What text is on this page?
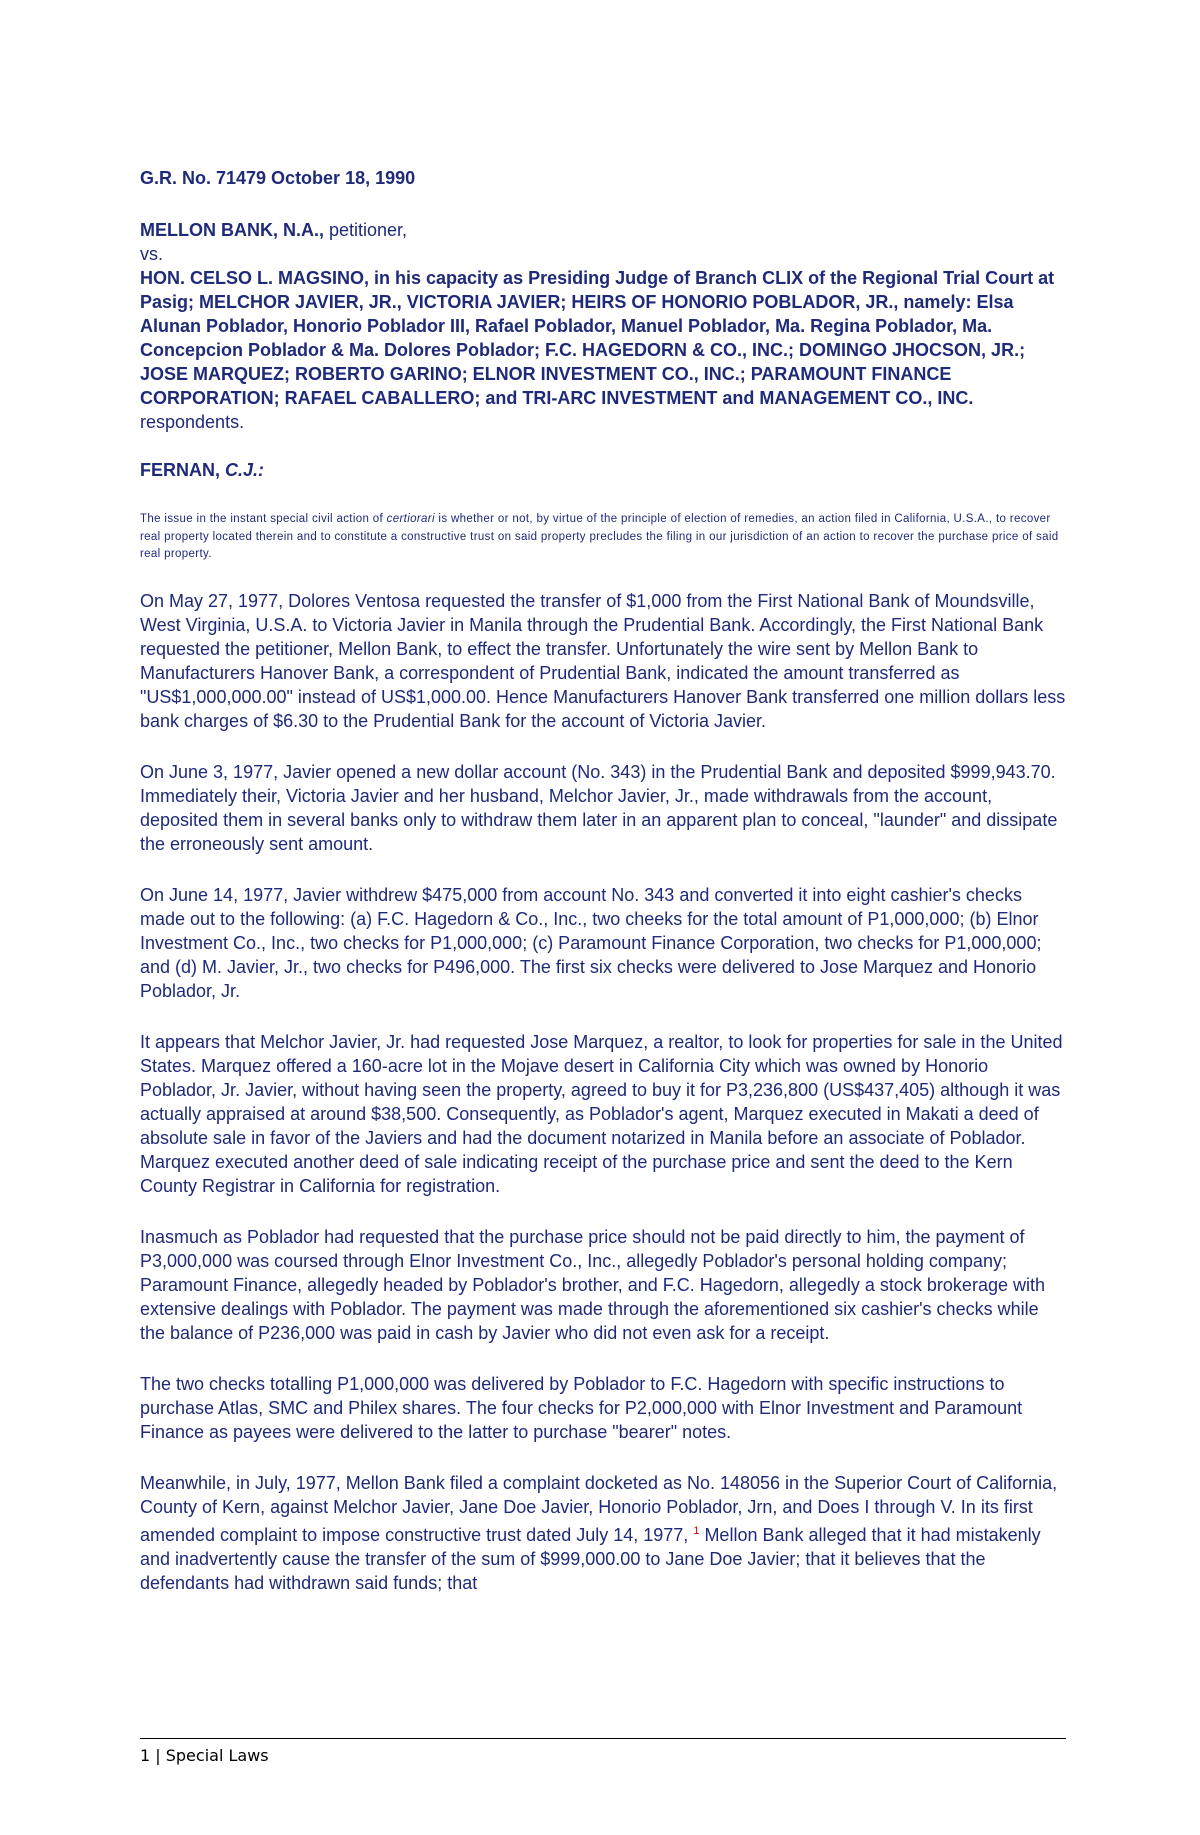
G.R. No. 71479 October 18, 1990
MELLON BANK, N.A., petitioner,
vs.
HON. CELSO L. MAGSINO, in his capacity as Presiding Judge of Branch CLIX of the Regional Trial Court at Pasig; MELCHOR JAVIER, JR., VICTORIA JAVIER; HEIRS OF HONORIO POBLADOR, JR., namely: Elsa Alunan Poblador, Honorio Poblador III, Rafael Poblador, Manuel Poblador, Ma. Regina Poblador, Ma. Concepcion Poblador & Ma. Dolores Poblador; F.C. HAGEDORN & CO., INC.; DOMINGO JHOCSON, JR.; JOSE MARQUEZ; ROBERTO GARINO; ELNOR INVESTMENT CO., INC.; PARAMOUNT FINANCE CORPORATION; RAFAEL CABALLERO; and TRI-ARC INVESTMENT and MANAGEMENT CO., INC. respondents.
FERNAN, C.J.:
The issue in the instant special civil action of certiorari is whether or not, by virtue of the principle of election of remedies, an action filed in California, U.S.A., to recover real property located therein and to constitute a constructive trust on said property precludes the filing in our jurisdiction of an action to recover the purchase price of said real property.

On May 27, 1977, Dolores Ventosa requested the transfer of $1,000 from the First National Bank of Moundsville, West Virginia, U.S.A. to Victoria Javier in Manila through the Prudential Bank. Accordingly, the First National Bank requested the petitioner, Mellon Bank, to effect the transfer. Unfortunately the wire sent by Mellon Bank to Manufacturers Hanover Bank, a correspondent of Prudential Bank, indicated the amount transferred as "US$1,000,000.00" instead of US$1,000.00. Hence Manufacturers Hanover Bank transferred one million dollars less bank charges of $6.30 to the Prudential Bank for the account of Victoria Javier.

On June 3, 1977, Javier opened a new dollar account (No. 343) in the Prudential Bank and deposited $999,943.70. Immediately their, Victoria Javier and her husband, Melchor Javier, Jr., made withdrawals from the account, deposited them in several banks only to withdraw them later in an apparent plan to conceal, "launder" and dissipate the erroneously sent amount.

On June 14, 1977, Javier withdrew $475,000 from account No. 343 and converted it into eight cashier's checks made out to the following: (a) F.C. Hagedorn & Co., Inc., two cheeks for the total amount of P1,000,000; (b) Elnor Investment Co., Inc., two checks for P1,000,000; (c) Paramount Finance Corporation, two checks for P1,000,000; and (d) M. Javier, Jr., two checks for P496,000. The first six checks were delivered to Jose Marquez and Honorio Poblador, Jr.

It appears that Melchor Javier, Jr. had requested Jose Marquez, a realtor, to look for properties for sale in the United States. Marquez offered a 160-acre lot in the Mojave desert in California City which was owned by Honorio Poblador, Jr. Javier, without having seen the property, agreed to buy it for P3,236,800 (US$437,405) although it was actually appraised at around $38,500. Consequently, as Poblador's agent, Marquez executed in Makati a deed of absolute sale in favor of the Javiers and had the document notarized in Manila before an associate of Poblador. Marquez executed another deed of sale indicating receipt of the purchase price and sent the deed to the Kern County Registrar in California for registration.

Inasmuch as Poblador had requested that the purchase price should not be paid directly to him, the payment of P3,000,000 was coursed through Elnor Investment Co., Inc., allegedly Poblador's personal holding company; Paramount Finance, allegedly headed by Poblador's brother, and F.C. Hagedorn, allegedly a stock brokerage with extensive dealings with Poblador. The payment was made through the aforementioned six cashier's checks while the balance of P236,000 was paid in cash by Javier who did not even ask for a receipt.

The two checks totalling P1,000,000 was delivered by Poblador to F.C. Hagedorn with specific instructions to purchase Atlas, SMC and Philex shares. The four checks for P2,000,000 with Elnor Investment and Paramount Finance as payees were delivered to the latter to purchase "bearer" notes.

Meanwhile, in July, 1977, Mellon Bank filed a complaint docketed as No. 148056 in the Superior Court of California, County of Kern, against Melchor Javier, Jane Doe Javier, Honorio Poblador, Jrn, and Does I through V. In its first amended complaint to impose constructive trust dated July 14, 1977, $^1$ Mellon Bank alleged that it had mistakenly and inadvertently cause the transfer of the sum of $999,000.00 to Jane Doe Javier; that it believes that the defendants had withdrawn said funds; that

1 | Special Laws
